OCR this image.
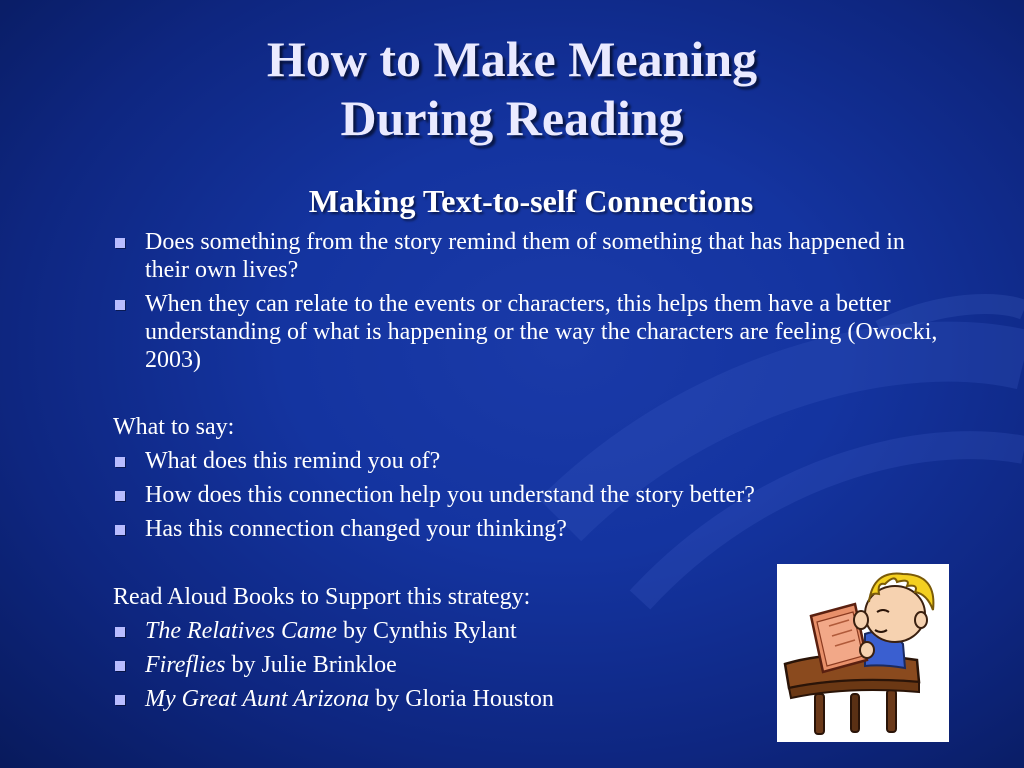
How to Make Meaning
During Reading
Making Text-to-self Connections
Does something from the story remind them of something that has happened in their own lives?
When they can relate to the events or characters, this helps them have a better understanding of what is happening or the way the characters are feeling (Owocki, 2003)
What to say:
What does this remind you of?
How does this connection help you understand the story better?
Has this connection changed your thinking?
Read Aloud Books to Support this strategy:
The Relatives Came by Cynthis Rylant
Fireflies by Julie Brinkloe
My Great Aunt Arizona by Gloria Houston
